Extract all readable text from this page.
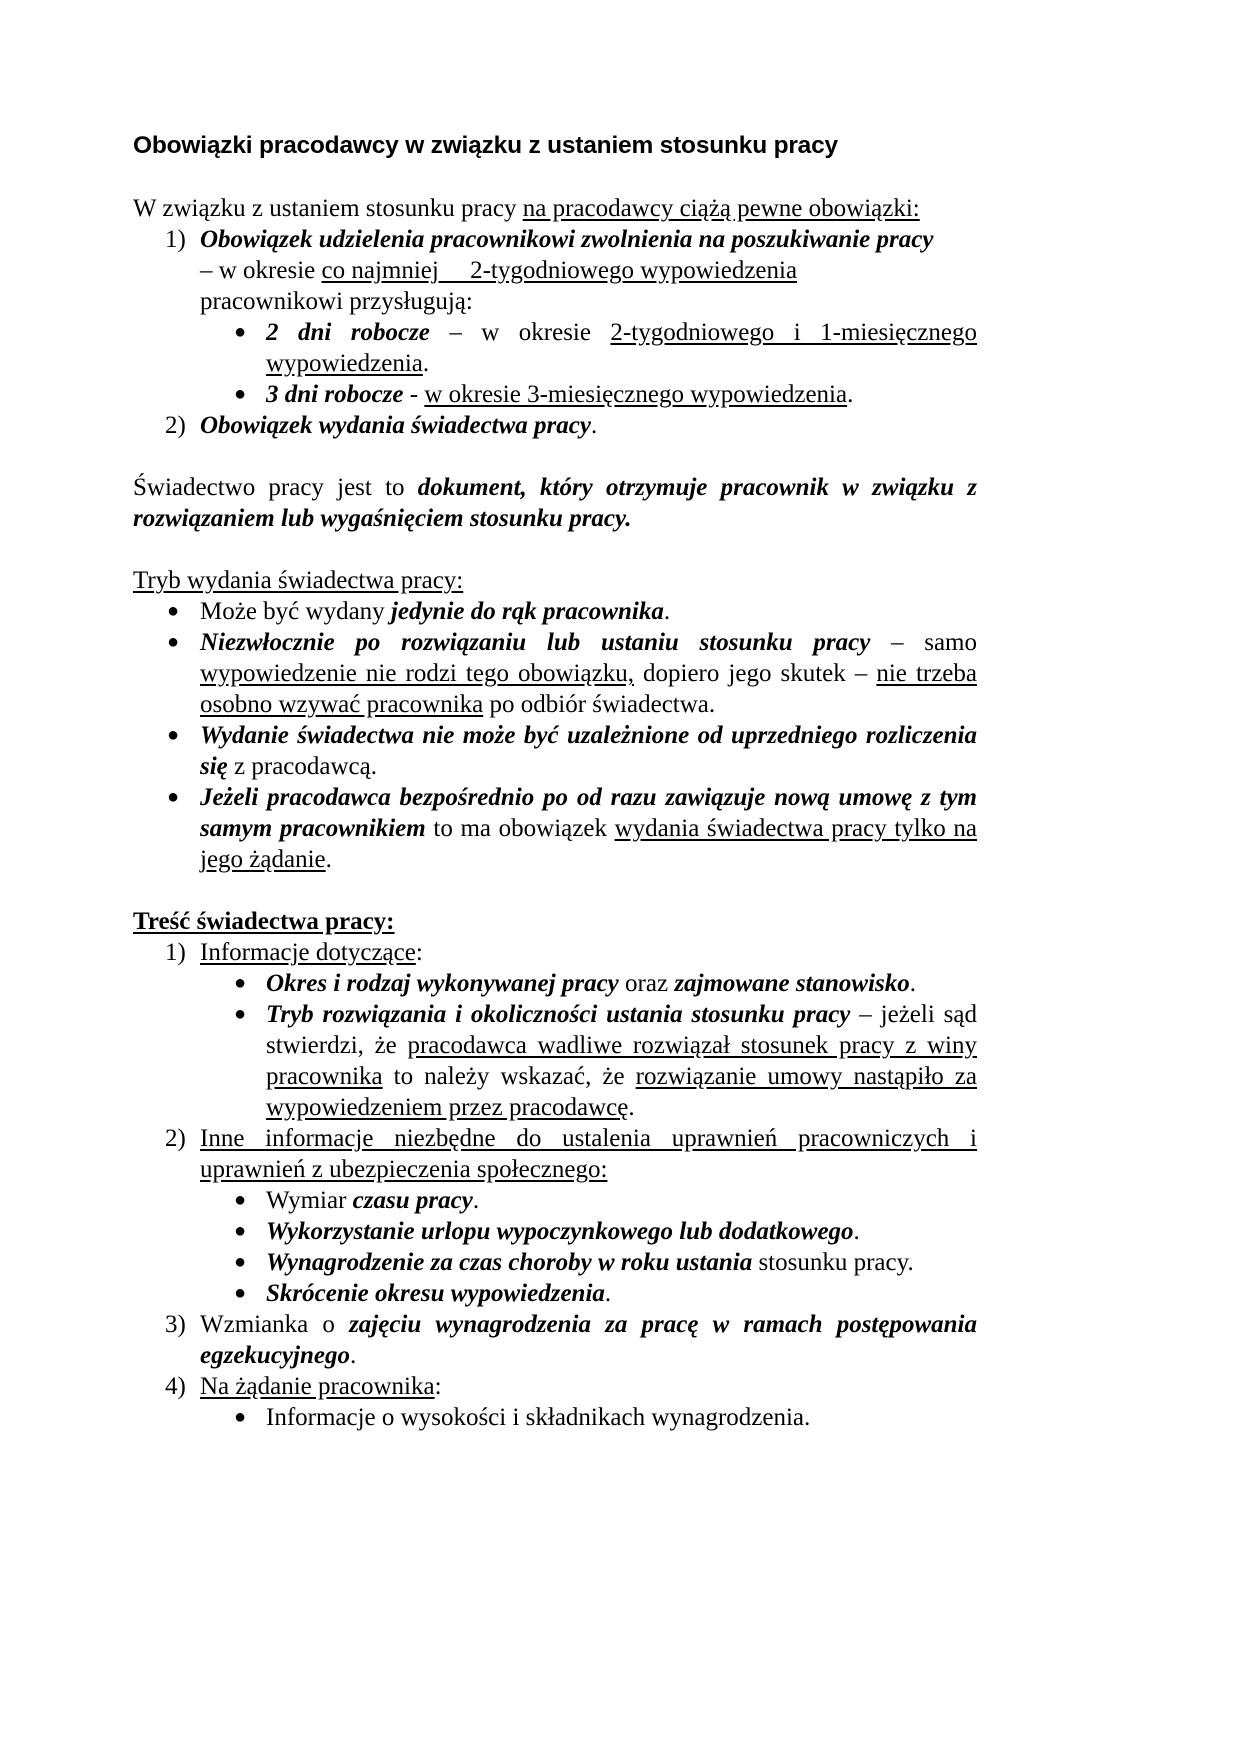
Obowiązki pracodawcy w związku z ustaniem stosunku pracy
W związku z ustaniem stosunku pracy na pracodawcy ciążą pewne obowiązki:
1) Obowiązek udzielenia pracownikowi zwolnienia na poszukiwanie pracy
– w okresie co najmniej     2-tygodniowego wypowiedzenia
pracownikowi przysługują:
● 2 dni robocze – w okresie 2-tygodniowego i 1-miesięcznego wypowiedzenia.
● 3 dni robocze - w okresie 3-miesięcznego wypowiedzenia.
2) Obowiązek wydania świadectwa pracy.
Świadectwo pracy jest to dokument, który otrzymuje pracownik w związku z rozwiązaniem lub wygaśnięciem stosunku pracy.
Tryb wydania świadectwa pracy:
● Może być wydany jedynie do rąk pracownika.
● Niezwłocznie po rozwiązaniu lub ustaniu stosunku pracy – samo wypowiedzenie nie rodzi tego obowiązku, dopiero jego skutek – nie trzeba osobno wzywać pracownika po odbiór świadectwa.
● Wydanie świadectwa nie może być uzależnione od uprzedniego rozliczenia się z pracodawcą.
● Jeżeli pracodawca bezpośrednio po od razu zawiązuje nową umowę z tym samym pracownikiem to ma obowiązek wydania świadectwa pracy tylko na jego żądanie.
Treść świadectwa pracy:
1) Informacje dotyczące:
● Okres i rodzaj wykonywanej pracy oraz zajmowane stanowisko.
● Tryb rozwiązania i okoliczności ustania stosunku pracy – jeżeli sąd stwierdzi, że pracodawca wadliwe rozwiązał stosunek pracy z winy pracownika to należy wskazać, że rozwiązanie umowy nastąpiło za wypowiedzeniem przez pracodawcę.
2) Inne informacje niezbędne do ustalenia uprawnień pracowniczych i uprawnień z ubezpieczenia społecznego:
● Wymiar czasu pracy.
● Wykorzystanie urlopu wypoczynkowego lub dodatkowego.
● Wynagrodzenie za czas choroby w roku ustania stosunku pracy.
● Skrócenie okresu wypowiedzenia.
3) Wzmianka o zajęciu wynagrodzenia za pracę w ramach postępowania egzekucyjnego.
4) Na żądanie pracownika:
● Informacje o wysokości i składnikach wynagrodzenia.
